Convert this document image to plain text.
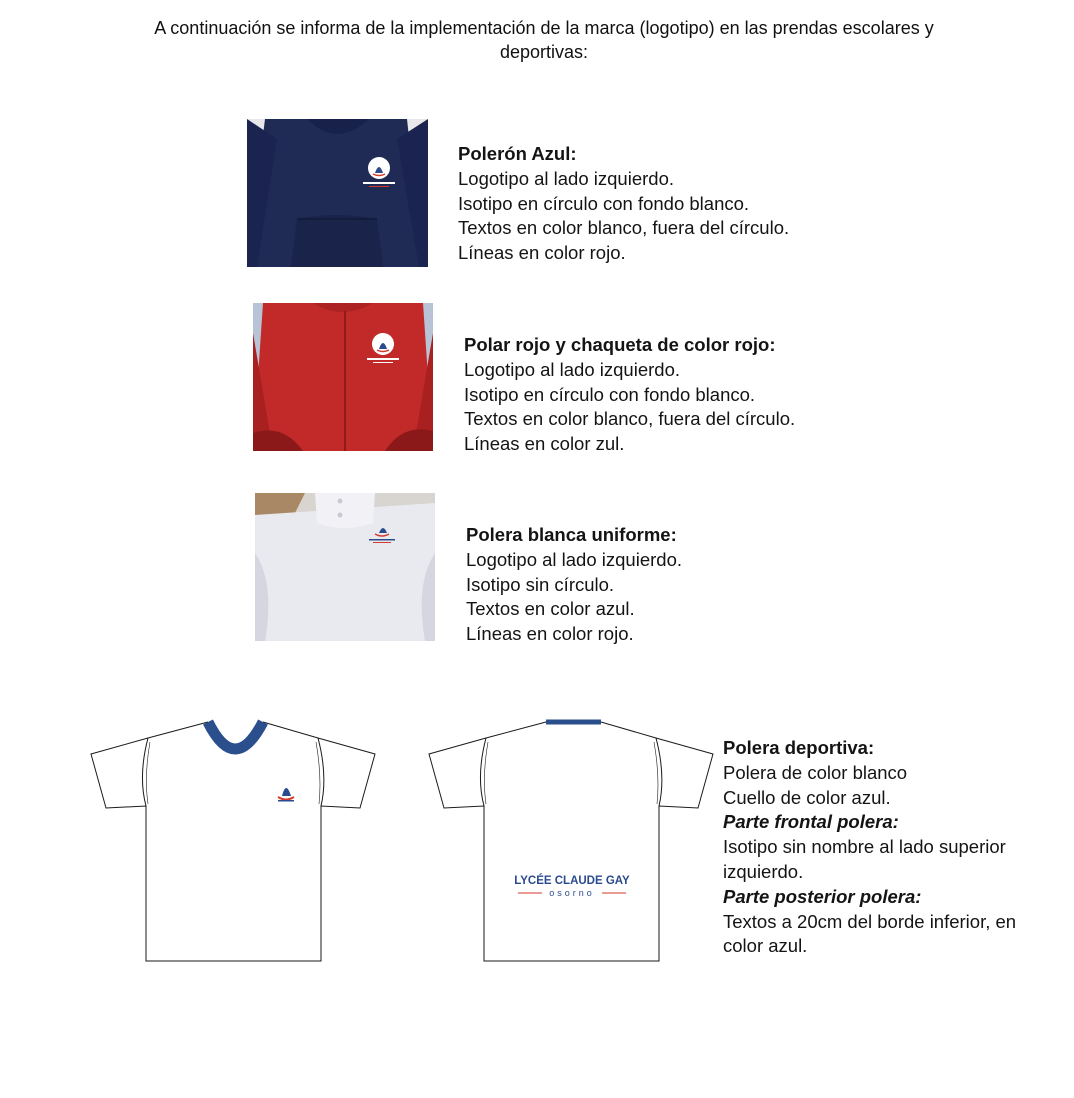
A continuación se informa de la implementación de la marca (logotipo) en las prendas escolares y
deportivas:
Polerón Azul:
Logotipo al lado izquierdo.
Isotipo en círculo con fondo blanco.
Textos en color blanco, fuera del círculo.
Líneas en color rojo.
Polar rojo y chaqueta de color rojo:
Logotipo al lado izquierdo.
Isotipo en círculo con fondo blanco.
Textos en color blanco, fuera del círculo.
Líneas en color zul.
Polera blanca uniforme:
Logotipo al lado izquierdo.
Isotipo sin círculo.
Textos en color azul.
Líneas en color rojo.
LYCÉE CLAUDE GAY
osorno
Polera deportiva:
Polera de color blanco
Cuello de color azul.
Parte frontal polera:
Isotipo sin nombre al lado superior
izquierdo.
Parte posterior polera:
Textos a 20cm del borde inferior, en
color azul.
